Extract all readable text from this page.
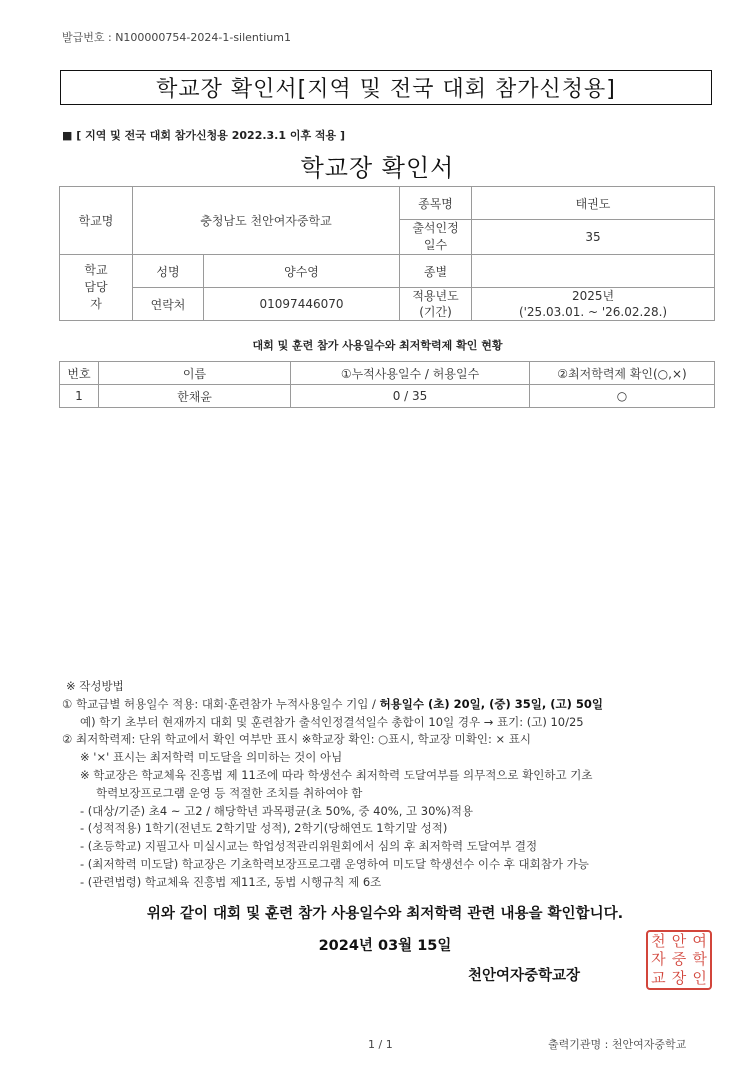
발급번호 : N100000754-2024-1-silentium1
학교장 확인서[지역 및 전국 대회 참가신청용]
■ [ 지역 및 전국 대회 참가신청용 2022.3.1 이후 적용 ]
학교장 확인서
학교명	충청남도 천안여자중학교		종목명	태권도
			출석인정 일수	35
학교 담당자	성명	양수영	종별	
	연락처	01097446070	적용년도 (기간)	2025년
('25.03.01. ~ '26.02.28.)
대회 및 훈련 참가 사용일수와 최저학력제 확인 현황
번호	이름	①누적사용일수 / 허용일수	②최저학력제 확인(○,×)
1	한채윤	0 / 35	○
※ 작성방법
① 학교급별 허용일수 적용: 대회·훈련참가 누적사용일수 기입 / 허용일수 (초) 20일, (중) 35일, (고) 50일
예) 학기 초부터 현재까지 대회 및 훈련참가 출석인정결석일수 총합이 10일 경우 → 표기: (고) 10/25
② 최저학력제: 단위 학교에서 확인 여부만 표시 ※학교장 확인: ○표시, 학교장 미확인: × 표시
※ '×' 표시는 최저학력 미도달을 의미하는 것이 아님
※ 학교장은 학교체육 진흥법 제 11조에 따라 학생선수 최저학력 도달여부를 의무적으로 확인하고 기초
학력보장프로그램 운영 등 적절한 조치를 취하여야 함
- (대상/기준) 초4 ~ 고2 / 해당학년 과목평균(초 50%, 중 40%, 고 30%)적용
- (성적적용) 1학기(전년도 2학기말 성적), 2학기(당해연도 1학기말 성적)
- (초등학교) 지필고사 미실시교는 학업성적관리위원회에서 심의 후 최저학력 도달여부 결정
- (최저학력 미도달) 학교장은 기초학력보장프로그램 운영하여 미도달 학생선수 이수 후 대회참가 가능
- (관련법령) 학교체육 진흥법 제11조, 동법 시행규칙 제 6조
위와 같이 대회 및 훈련 참가 사용일수와 최저학력 관련 내용을 확인합니다.
2024년 03월 15일
천안여자중학교장
천 안 여
자 중 학
교 장 인
1 / 1	출력기관명 : 천안여자중학교
